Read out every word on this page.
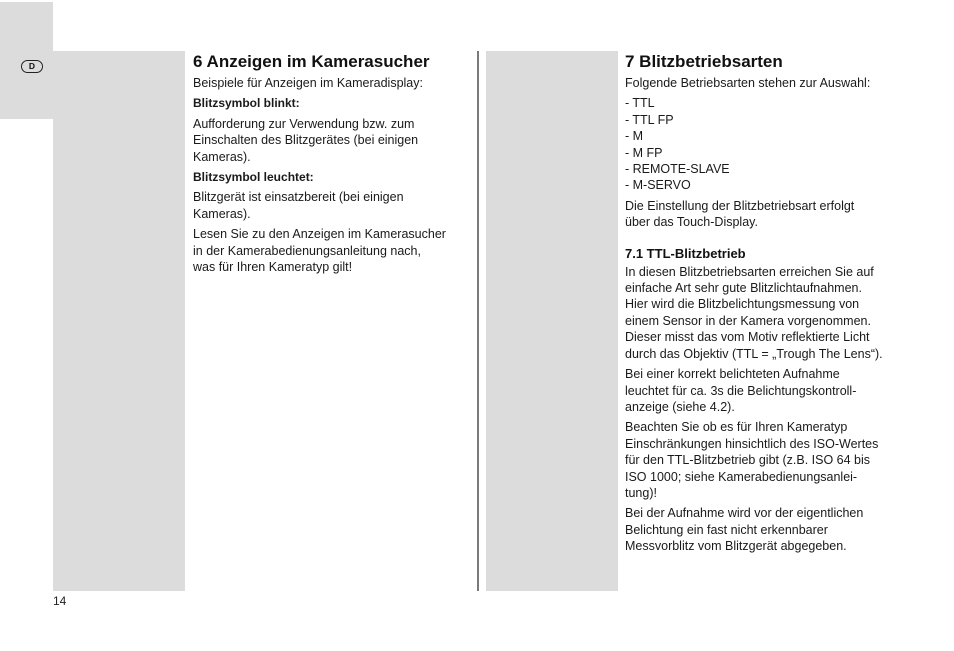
D	6 Anzeigen im Kamerasucher

Beispiele für Anzeigen im Kameradisplay:

Blitzsymbol blinkt:

Aufforderung zur Verwendung bzw. zum
Einschalten des Blitzgerätes (bei einigen
Kameras).

Blitzsymbol leuchtet:

Blitzgerät ist einsatzbereit (bei einigen
Kameras).

Lesen Sie zu den Anzeigen im Kamerasucher
in der Kamerabedienungsanleitung nach,
was für Ihren Kameratyp gilt!

7 Blitzbetriebsarten

Folgende Betriebsarten stehen zur Auswahl:

- TTL
- TTL FP
- M
- M FP
- REMOTE-SLAVE
- M-SERVO

Die Einstellung der Blitzbetriebsart erfolgt
über das Touch-Display.

7.1 TTL-Blitzbetrieb

In diesen Blitzbetriebsarten erreichen Sie auf
einfache Art sehr gute Blitzlichtaufnahmen.
Hier wird die Blitzbelichtungsmessung von
einem Sensor in der Kamera vorgenommen.
Dieser misst das vom Motiv reflektierte Licht
durch das Objektiv (TTL = „Trough The Lens“).

Bei einer korrekt belichteten Aufnahme
leuchtet für ca. 3s die Belichtungskontroll-
anzeige (siehe 4.2).

Beachten Sie ob es für Ihren Kameratyp
Einschränkungen hinsichtlich des ISO-Wertes
für den TTL-Blitzbetrieb gibt (z.B. ISO 64 bis
ISO 1000; siehe Kamerabedienungsanlei-
tung)!

Bei der Aufnahme wird vor der eigentlichen
Belichtung ein fast nicht erkennbarer
Messvorblitz vom Blitzgerät abgegeben.

14
